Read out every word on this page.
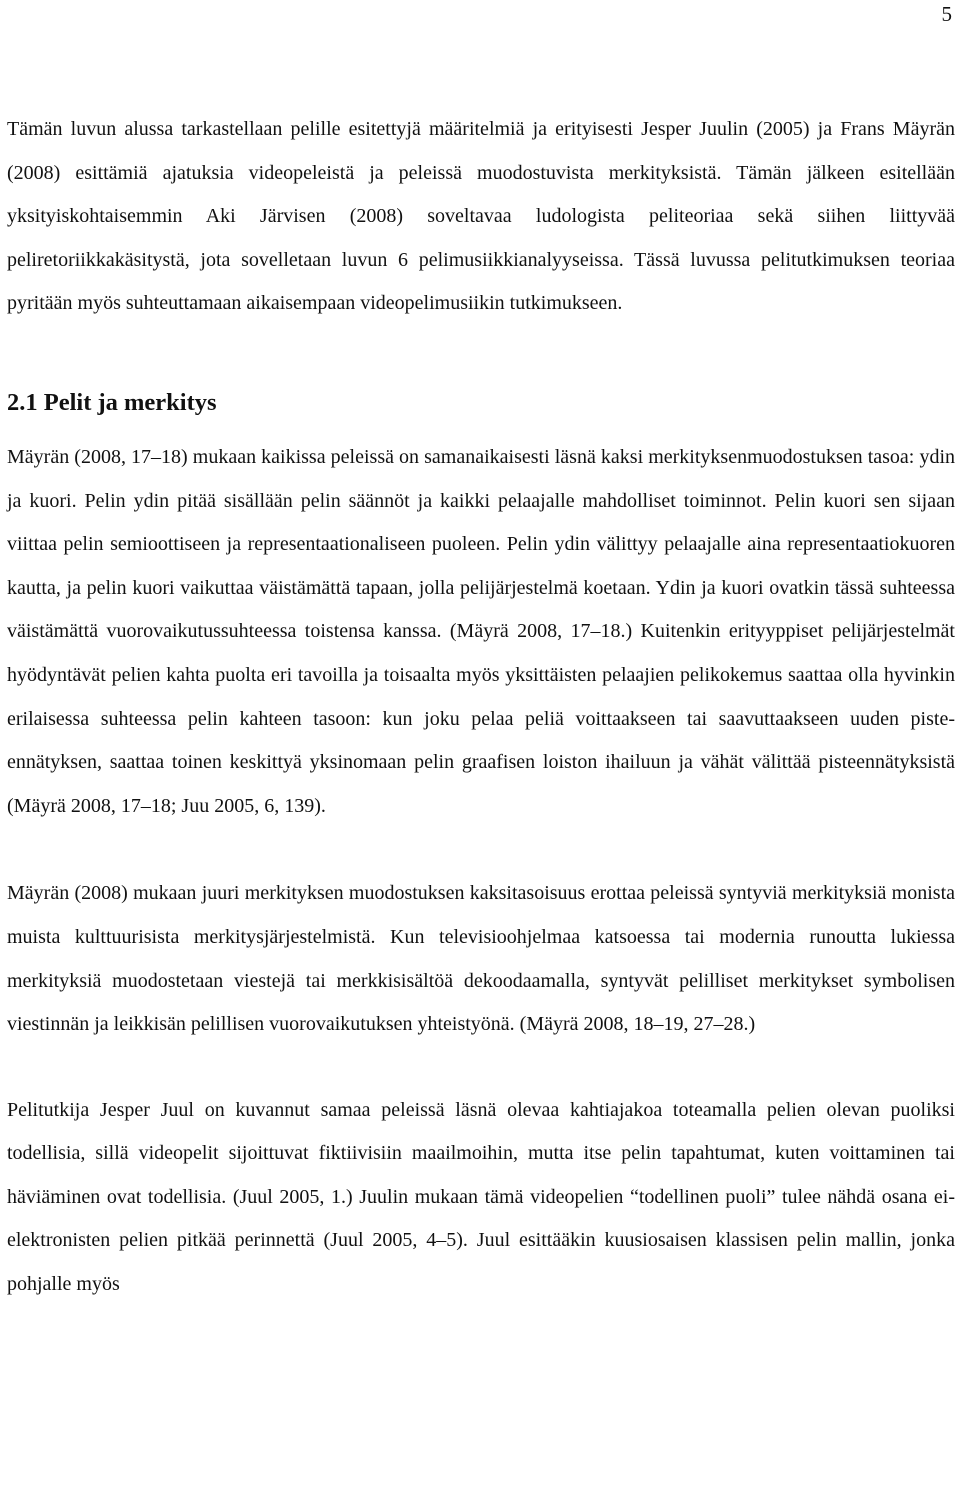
5

Tämän luvun alussa tarkastellaan pelille esitettyjä määritelmiä ja erityisesti Jesper Juulin (2005) ja Frans Mäyrän (2008) esittämiä ajatuksia videopeleistä ja peleissä muodostuvista merkityksistä. Tämän jälkeen esitellään yksityiskohtaisemmin Aki Järvisen (2008) soveltavaa ludologista peliteoriaa sekä siihen liittyvää peliretoriikkakäsitystä, jota sovelletaan luvun 6 pelimusiikkianalyyseissa. Tässä luvussa pelitutkimuksen teoriaa pyritään myös suhteuttamaan aikaisempaan videopelimusiikin tutkimukseen.

2.1 Pelit ja merkitys

Mäyrän (2008, 17–18) mukaan kaikissa peleissä on samanaikaisesti läsnä kaksi merkityksenmuodostuksen tasoa: ydin ja kuori. Pelin ydin pitää sisällään pelin säännöt ja kaikki pelaajalle mahdolliset toiminnot. Pelin kuori sen sijaan viittaa pelin semioottiseen ja representaationaliseen puoleen. Pelin ydin välittyy pelaajalle aina representaatiokuoren kautta, ja pelin kuori vaikuttaa väistämättä tapaan, jolla pelijärjestelmä koetaan. Ydin ja kuori ovatkin tässä suhteessa väistämättä vuorovaikutussuhteessa toistensa kanssa. (Mäyrä 2008, 17–18.) Kuitenkin erityyppiset pelijärjestelmät hyödyntävät pelien kahta puolta eri tavoilla ja toisaalta myös yksittäisten pelaajien pelikokemus saattaa olla hyvinkin erilaisessa suhteessa pelin kahteen tasoon: kun joku pelaa peliä voittaakseen tai saavuttaakseen uuden piste-ennätyksen, saattaa toinen keskittyä yksinomaan pelin graafisen loiston ihailuun ja vähät välittää pisteennätyksistä (Mäyrä 2008, 17–18; Juu 2005, 6, 139).

Mäyrän (2008) mukaan juuri merkityksen muodostuksen kaksitasoisuus erottaa peleissä syntyviä merkityksiä monista muista kulttuurisista merkitysjärjestelmistä. Kun televisioohjelmaa katsoessa tai modernia runoutta lukiessa merkityksiä muodostetaan viestejä tai merkkisisältöä dekoodaamalla, syntyvät pelilliset merkitykset symbolisen viestinnän ja leikkisän pelillisen vuorovaikutuksen yhteistyönä. (Mäyrä 2008, 18–19, 27–28.)

Pelitutkija Jesper Juul on kuvannut samaa peleissä läsnä olevaa kahtiajakoa toteamalla pelien olevan puoliksi todellisia, sillä videopelit sijoittuvat fiktiivisiin maailmoihin, mutta itse pelin tapahtumat, kuten voittaminen tai häviäminen ovat todellisia. (Juul 2005, 1.) Juulin mukaan tämä videopelien “todellinen puoli” tulee nähdä osana ei-elektronisten pelien pitkää perinnettä (Juul 2005, 4–5). Juul esittääkin kuusiosaisen klassisen pelin mallin, jonka pohjalle myös
